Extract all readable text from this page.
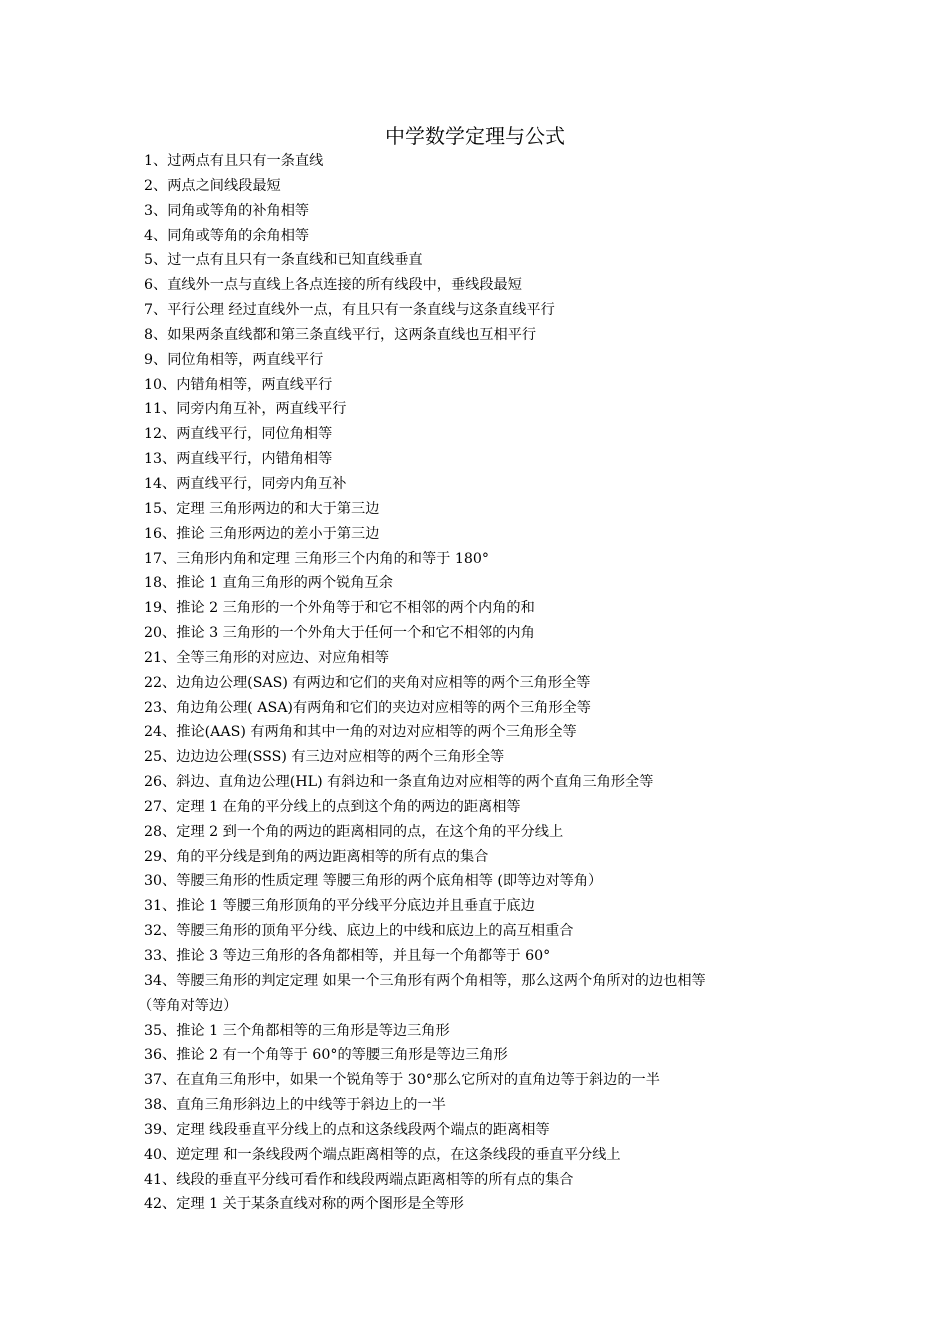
中学数学定理与公式
1、过两点有且只有一条直线
2、两点之间线段最短
3、同角或等角的补角相等
4、同角或等角的余角相等
5、过一点有且只有一条直线和已知直线垂直
6、直线外一点与直线上各点连接的所有线段中，垂线段最短
7、平行公理 经过直线外一点，有且只有一条直线与这条直线平行
8、如果两条直线都和第三条直线平行，这两条直线也互相平行
9、同位角相等，两直线平行
10、内错角相等，两直线平行
11、同旁内角互补，两直线平行
12、两直线平行，同位角相等
13、两直线平行，内错角相等
14、两直线平行，同旁内角互补
15、定理 三角形两边的和大于第三边
16、推论 三角形两边的差小于第三边
17、三角形内角和定理 三角形三个内角的和等于 180°
18、推论 1 直角三角形的两个锐角互余
19、推论 2 三角形的一个外角等于和它不相邻的两个内角的和
20、推论 3 三角形的一个外角大于任何一个和它不相邻的内角
21、全等三角形的对应边、对应角相等
22、边角边公理(SAS) 有两边和它们的夹角对应相等的两个三角形全等
23、角边角公理( ASA)有两角和它们的夹边对应相等的两个三角形全等
24、推论(AAS) 有两角和其中一角的对边对应相等的两个三角形全等
25、边边边公理(SSS) 有三边对应相等的两个三角形全等
26、斜边、直角边公理(HL) 有斜边和一条直角边对应相等的两个直角三角形全等
27、定理 1 在角的平分线上的点到这个角的两边的距离相等
28、定理 2 到一个角的两边的距离相同的点，在这个角的平分线上
29、角的平分线是到角的两边距离相等的所有点的集合
30、等腰三角形的性质定理 等腰三角形的两个底角相等 (即等边对等角）
31、推论 1 等腰三角形顶角的平分线平分底边并且垂直于底边
32、等腰三角形的顶角平分线、底边上的中线和底边上的高互相重合
33、推论 3 等边三角形的各角都相等，并且每一个角都等于 60°
34、等腰三角形的判定定理 如果一个三角形有两个角相等，那么这两个角所对的边也相等
（等角对等边）
35、推论 1 三个角都相等的三角形是等边三角形
36、推论 2 有一个角等于 60°的等腰三角形是等边三角形
37、在直角三角形中，如果一个锐角等于 30°那么它所对的直角边等于斜边的一半
38、直角三角形斜边上的中线等于斜边上的一半
39、定理 线段垂直平分线上的点和这条线段两个端点的距离相等
40、逆定理 和一条线段两个端点距离相等的点，在这条线段的垂直平分线上
41、线段的垂直平分线可看作和线段两端点距离相等的所有点的集合
42、定理 1 关于某条直线对称的两个图形是全等形
